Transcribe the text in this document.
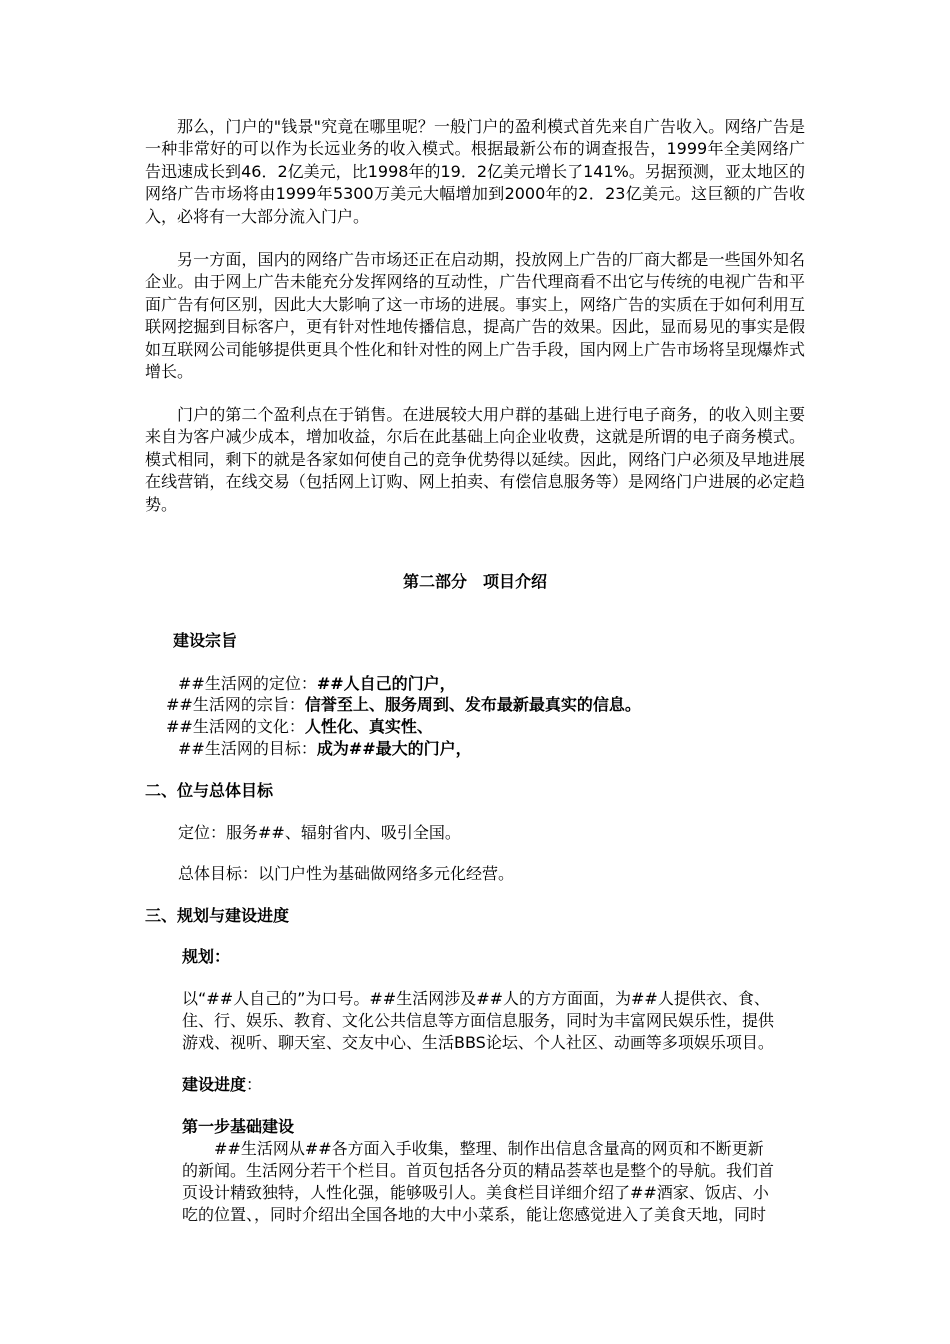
那么，门户的"钱景"究竟在哪里呢？一般门户的盈利模式首先来自广告收入。网络广告是一种非常好的可以作为长远业务的收入模式。根据最新公布的调查报告，1999年全美网络广告迅速成长到46．2亿美元，比1998年的19．2亿美元增长了141%。另据预测，亚太地区的网络广告市场将由1999年5300万美元大幅增加到2000年的2．23亿美元。这巨额的广告收入，必将有一大部分流入门户。

另一方面，国内的网络广告市场还正在启动期，投放网上广告的厂商大都是一些国外知名企业。由于网上广告未能充分发挥网络的互动性，广告代理商看不出它与传统的电视广告和平面广告有何区别，因此大大影响了这一市场的进展。事实上，网络广告的实质在于如何利用互联网挖掘到目标客户，更有针对性地传播信息，提高广告的效果。因此，显而易见的事实是假如互联网公司能够提供更具个性化和针对性的网上广告手段，国内网上广告市场将呈现爆炸式增长。

门户的第二个盈利点在于销售。在进展较大用户群的基础上进行电子商务，的收入则主要来自为客户减少成本，增加收益，尔后在此基础上向企业收费，这就是所谓的电子商务模式。模式相同，剩下的就是各家如何使自己的竞争优势得以延续。因此，网络门户必须及早地进展在线营销，在线交易（包括网上订购、网上拍卖、有偿信息服务等）是网络门户进展的必定趋势。

第二部分　项目介绍
建设宗旨
##生活网的定位：##人自己的门户，
##生活网的宗旨：信誉至上、服务周到、发布最新最真实的信息。
##生活网的文化：人性化、真实性、
##生活网的目标：成为##最大的门户，
二、位与总体目标
定位：服务##、辐射省内、吸引全国。
总体目标：以门户性为基础做网络多元化经营。
三、规划与建设进度
规划：
以“##人自己的”为口号。##生活网涉及##人的方方面面，为##人提供衣、食、
住、行、娱乐、教育、文化公共信息等方面信息服务，同时为丰富网民娱乐性，提供
游戏、视听、聊天室、交友中心、生活BBS论坛、个人社区、动画等多项娱乐项目。
建设进度：
第一步基础建设
　　##生活网从##各方面入手收集，整理、制作出信息含量高的网页和不断更新
的新闻。生活网分若干个栏目。首页包括各分页的精品荟萃也是整个的导航。我们首
页设计精致独特，人性化强，能够吸引人。美食栏目详细介绍了##酒家、饭店、小
吃的位置、，同时介绍出全国各地的大中小菜系，能让您感觉进入了美食天地，同时
